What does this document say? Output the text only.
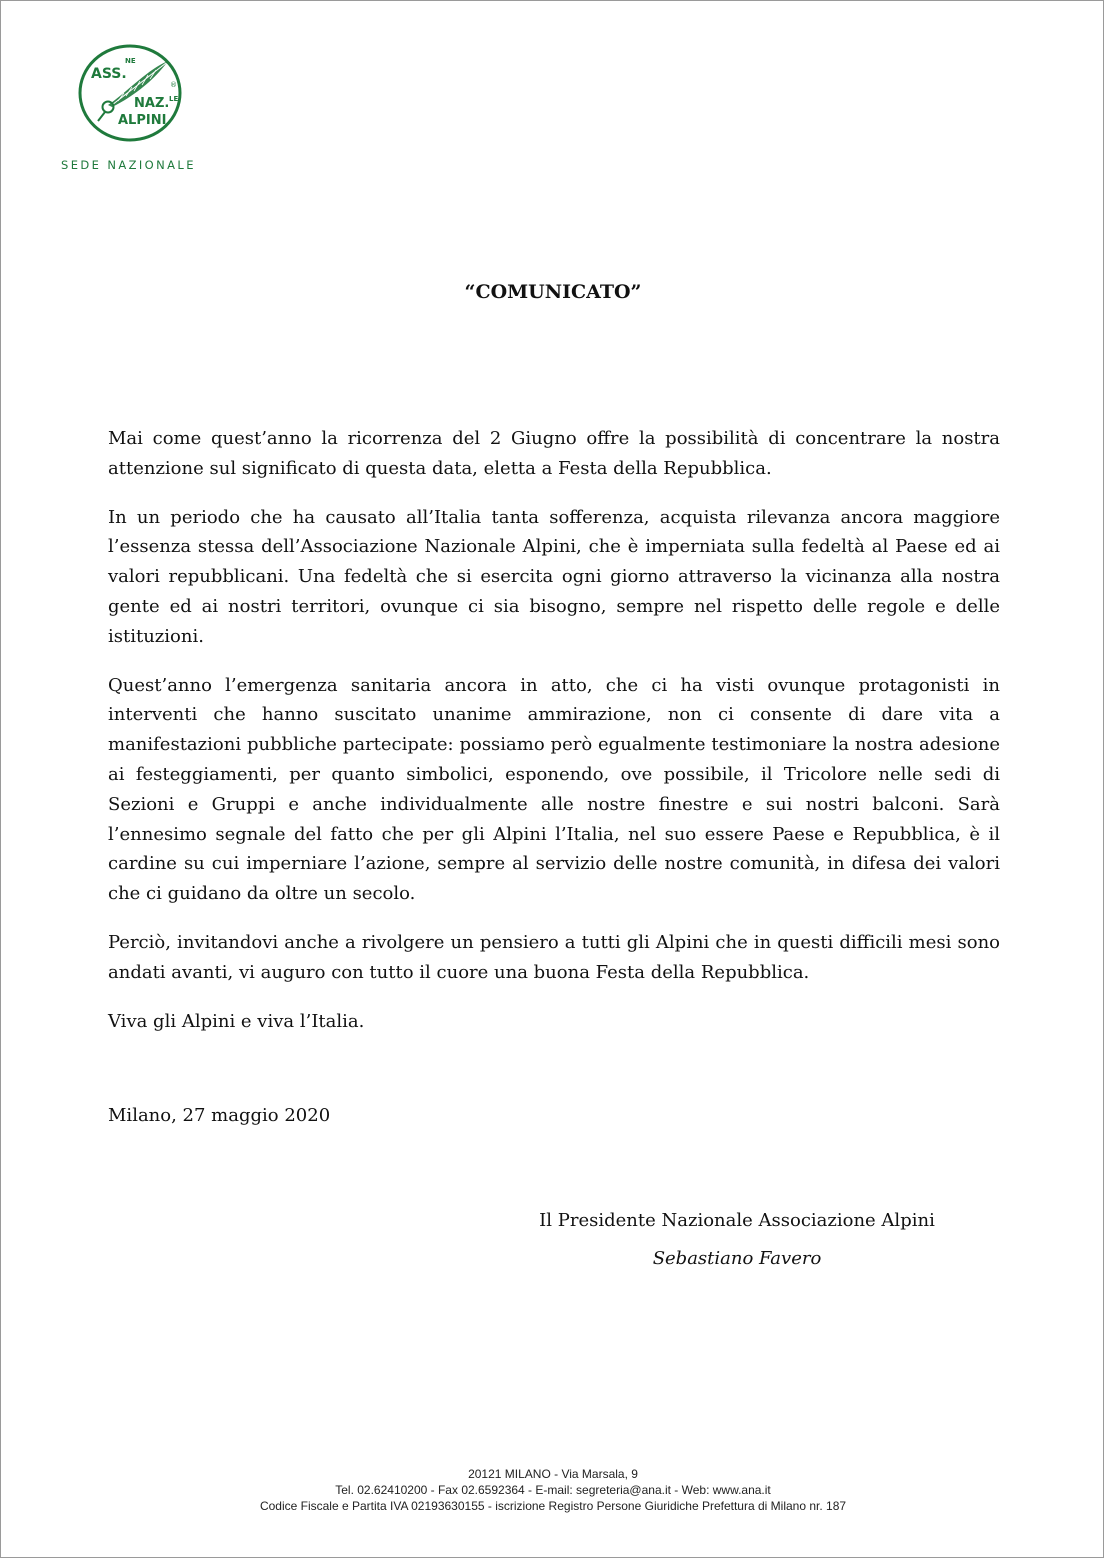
ASS.
NE
NAZ. LE
ALPINI
®
SEDE NAZIONALE
“COMUNICATO”

Mai come quest’anno la ricorrenza del 2 Giugno offre la possibilità di concentrare la nostra attenzione sul significato di questa data, eletta a Festa della Repubblica.

In un periodo che ha causato all’Italia tanta sofferenza, acquista rilevanza ancora maggiore l’essenza stessa dell’Associazione Nazionale Alpini, che è imperniata sulla fedeltà al Paese ed ai valori repubblicani. Una fedeltà che si esercita ogni giorno attraverso la vicinanza alla nostra gente ed ai nostri territori, ovunque ci sia bisogno, sempre nel rispetto delle regole e delle istituzioni.

Quest’anno l’emergenza sanitaria ancora in atto, che ci ha visti ovunque protagonisti in interventi che hanno suscitato unanime ammirazione, non ci consente di dare vita a manifestazioni pubbliche partecipate: possiamo però egualmente testimoniare la nostra adesione ai festeggiamenti, per quanto simbolici, esponendo, ove possibile, il Tricolore nelle sedi di Sezioni e Gruppi e anche individualmente alle nostre finestre e sui nostri balconi. Sarà l’ennesimo segnale del fatto che per gli Alpini l’Italia, nel suo essere Paese e Repubblica, è il cardine su cui imperniare l’azione, sempre al servizio delle nostre comunità, in difesa dei valori che ci guidano da oltre un secolo.

Perciò, invitandovi anche a rivolgere un pensiero a tutti gli Alpini che in questi difficili mesi sono andati avanti, vi auguro con tutto il cuore una buona Festa della Repubblica.

Viva gli Alpini e viva l’Italia.

Milano, 27 maggio 2020
Il Presidente Nazionale Associazione Alpini
Sebastiano Favero
20121 MILANO - Via Marsala, 9
Tel. 02.62410200 - Fax 02.6592364 - E-mail: segreteria@ana.it - Web: www.ana.it
Codice Fiscale e Partita IVA 02193630155 - iscrizione Registro Persone Giuridiche Prefettura di Milano nr. 187
